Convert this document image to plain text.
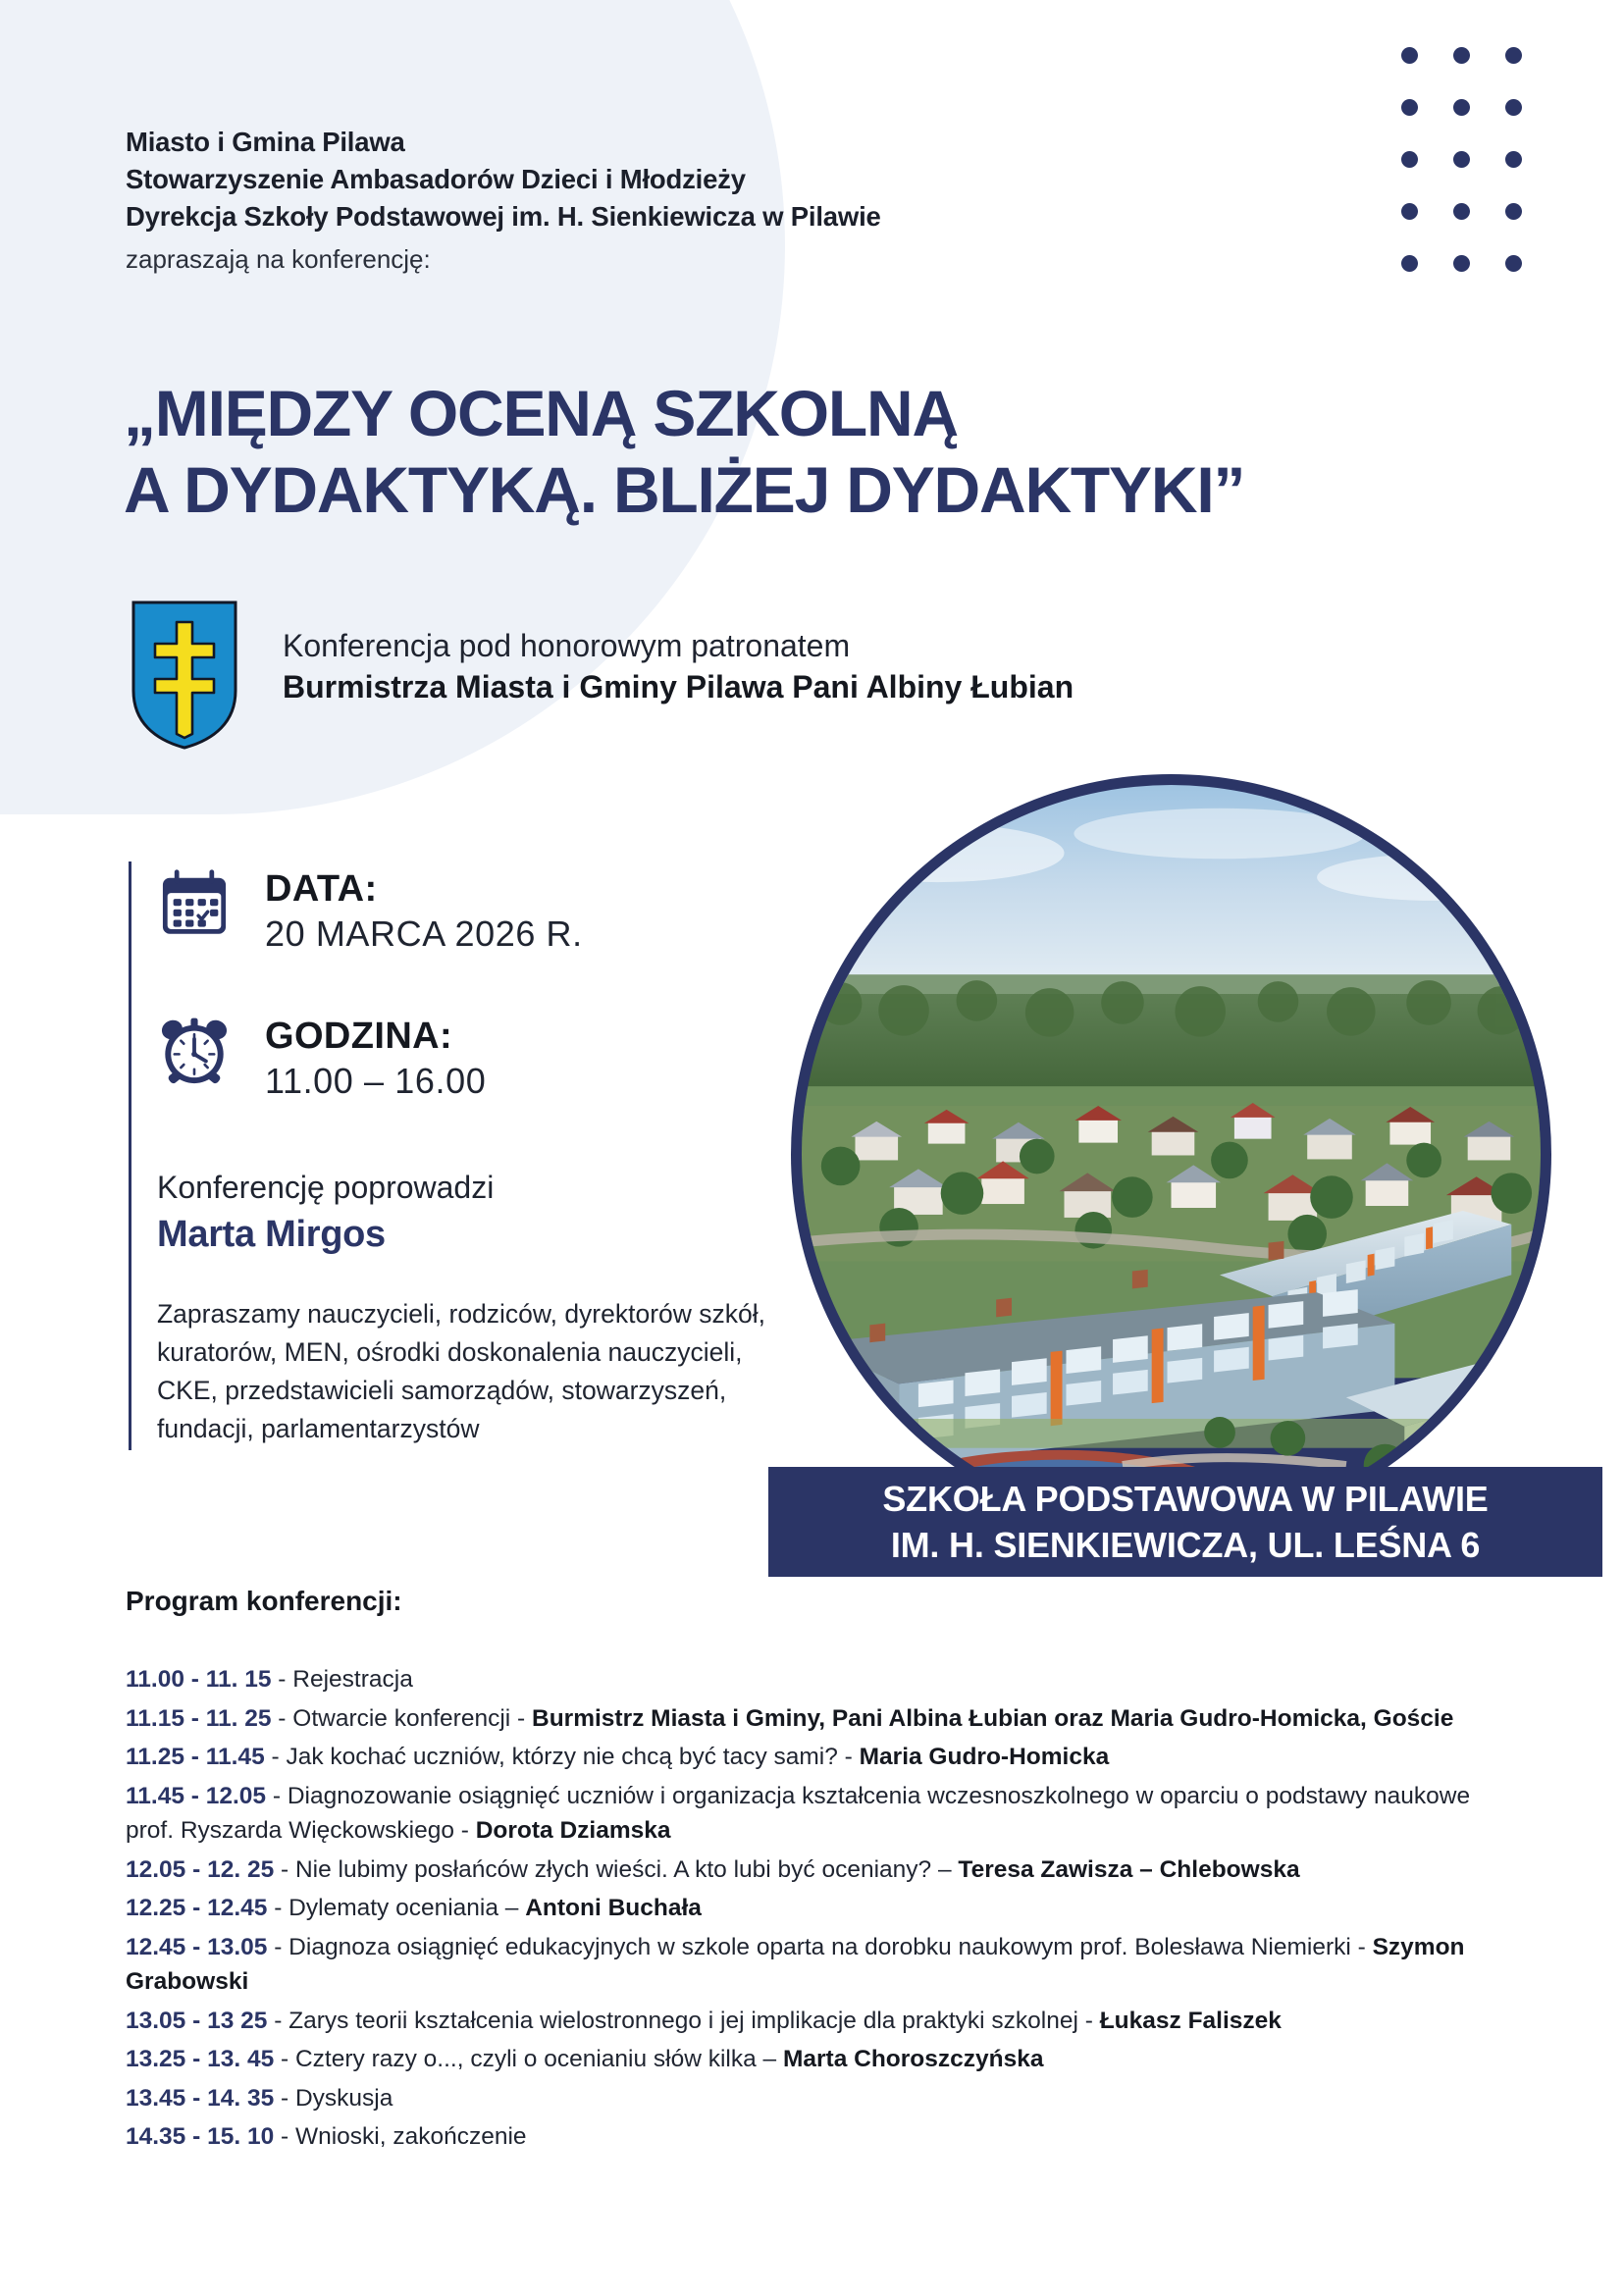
Miasto i Gmina Pilawa
Stowarzyszenie Ambasadorów Dzieci i Młodzieży
Dyrekcja Szkoły Podstawowej im. H. Sienkiewicza w Pilawie
zapraszają na konferencję:
„MIĘDZY OCENĄ SZKOLNĄ
A DYDAKTYKĄ. BLIŻEJ DYDAKTYKI”
Konferencja pod honorowym patronatem
Burmistrza Miasta i Gminy Pilawa Pani Albiny Łubian
DATA:
20 MARCA 2026 R.
GODZINA:
11.00 – 16.00
Konferencję poprowadzi
Marta Mirgos
Zapraszamy nauczycieli, rodziców, dyrektorów szkół, kuratorów, MEN, ośrodki doskonalenia nauczycieli, CKE, przedstawicieli samorządów, stowarzyszeń, fundacji, parlamentarzystów
SZKOŁA PODSTAWOWA W PILAWIE
IM. H. SIENKIEWICZA, UL. LEŚNA 6
Program konferencji:
11.00 - 11. 15 - Rejestracja
11.15 - 11. 25 - Otwarcie konferencji - Burmistrz Miasta i Gminy, Pani Albina Łubian oraz Maria Gudro-Homicka, Goście
11.25 - 11.45 - Jak kochać uczniów, którzy nie chcą być tacy sami? - Maria Gudro-Homicka
11.45 - 12.05 - Diagnozowanie osiągnięć uczniów i organizacja kształcenia wczesnoszkolnego w oparciu o podstawy naukowe prof. Ryszarda Więckowskiego - Dorota Dziamska
12.05 - 12. 25 - Nie lubimy posłańców złych wieści. A kto lubi być oceniany? – Teresa Zawisza – Chlebowska
12.25 - 12.45 - Dylematy oceniania – Antoni Buchała
12.45 - 13.05 - Diagnoza osiągnięć edukacyjnych w szkole oparta na dorobku naukowym prof. Bolesława Niemierki - Szymon Grabowski
13.05 - 13 25 - Zarys teorii kształcenia wielostronnego i jej implikacje dla praktyki szkolnej - Łukasz Faliszek
13.25 - 13. 45 - Cztery razy o..., czyli o ocenianiu słów kilka – Marta Choroszczyńska
13.45 - 14. 35 - Dyskusja
14.35 - 15. 10 - Wnioski, zakończenie
